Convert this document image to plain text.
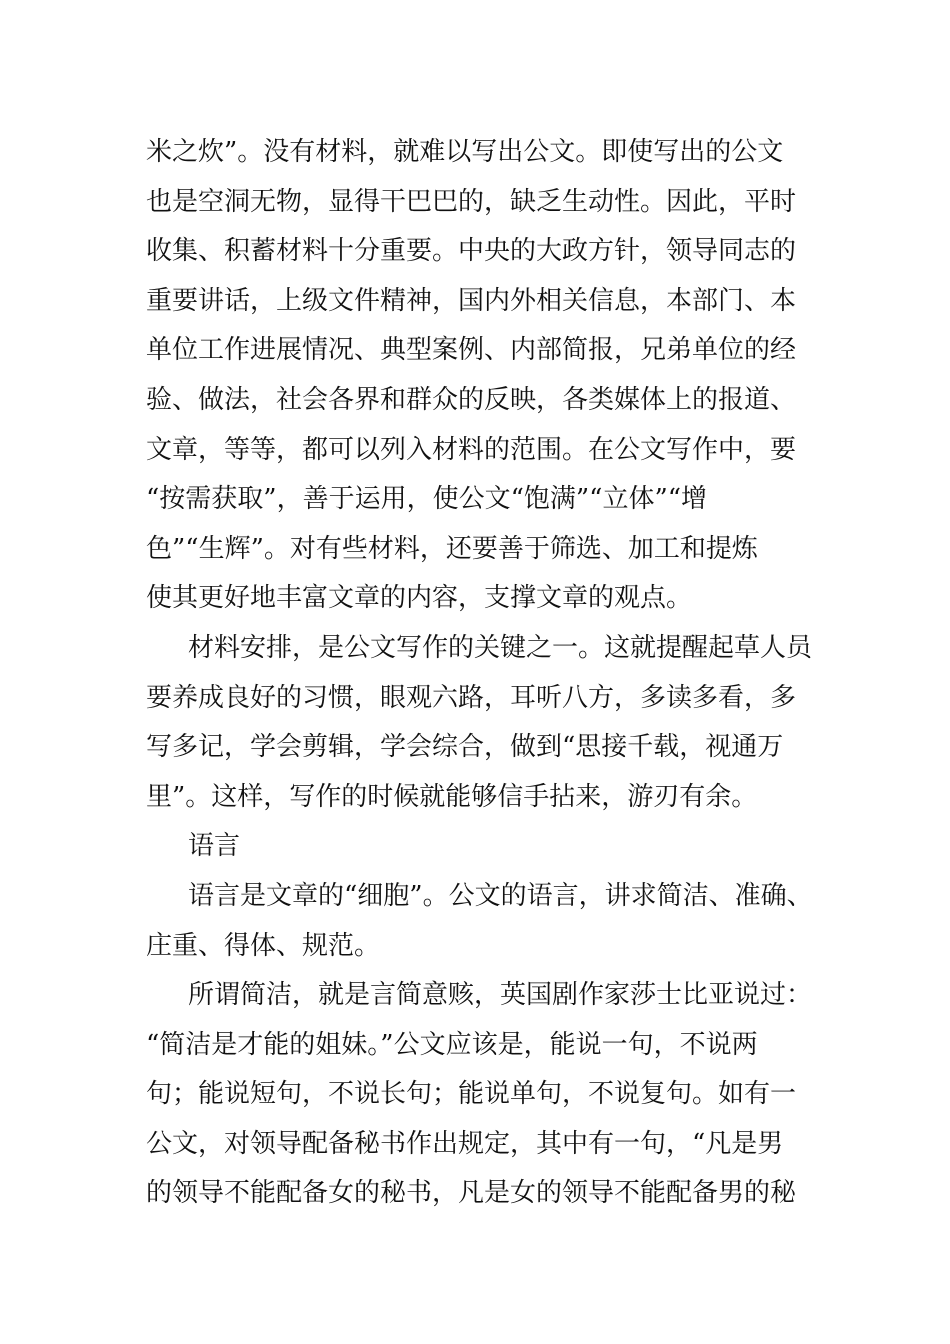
米之炊”。没有材料，就难以写出公文。即使写出的公文
也是空洞无物，显得干巴巴的，缺乏生动性。因此，平时
收集、积蓄材料十分重要。中央的大政方针，领导同志的
重要讲话，上级文件精神，国内外相关信息，本部门、本
单位工作进展情况、典型案例、内部简报，兄弟单位的经
验、做法，社会各界和群众的反映，各类媒体上的报道、
文章，等等，都可以列入材料的范围。在公文写作中，要
“按需获取”，善于运用，使公文“饱满”“立体”“增
色”“生辉”。对有些材料，还要善于筛选、加工和提炼
使其更好地丰富文章的内容，支撑文章的观点。
材料安排，是公文写作的关键之一。这就提醒起草人员
要养成良好的习惯，眼观六路，耳听八方，多读多看，多
写多记，学会剪辑，学会综合，做到“思接千载，视通万
里”。这样，写作的时候就能够信手拈来，游刃有余。
语言
语言是文章的“细胞”。公文的语言，讲求简洁、准确、
庄重、得体、规范。
所谓简洁，就是言简意赅，英国剧作家莎士比亚说过：
“简洁是才能的姐妹。”公文应该是，能说一句，不说两
句；能说短句，不说长句；能说单句，不说复句。如有一
公文，对领导配备秘书作出规定，其中有一句，“凡是男
的领导不能配备女的秘书，凡是女的领导不能配备男的秘
